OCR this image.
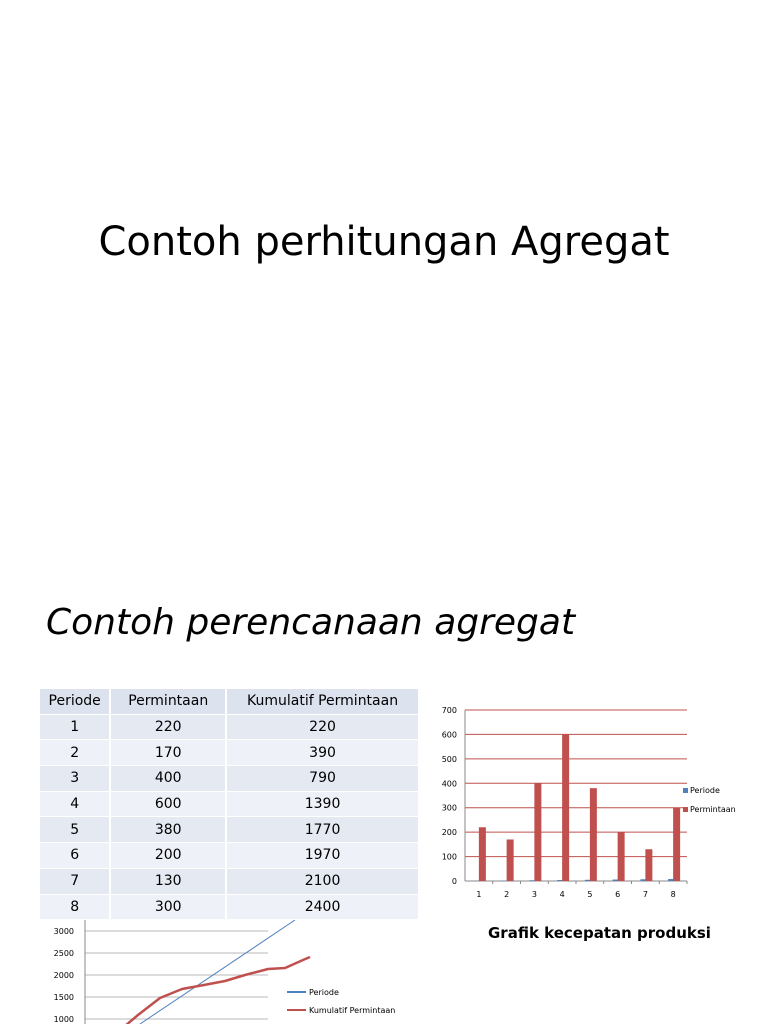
Contoh perhitungan Agregat
Contoh perencanaan agregat
Periode	Permintaan	Kumulatif Permintaan
1	220	220
2	170	390
3	400	790
4	600	1390
5	380	1770
6	200	1970
7	130	2100
8	300	2400
0
100
200
300
400
500
600
700
1	2	3	4	5	6	7	8
Periode
Permintaan
Grafik kecepatan produksi
1000
1500
2000
2500
3000
Periode
Kumulatif Permintaan
